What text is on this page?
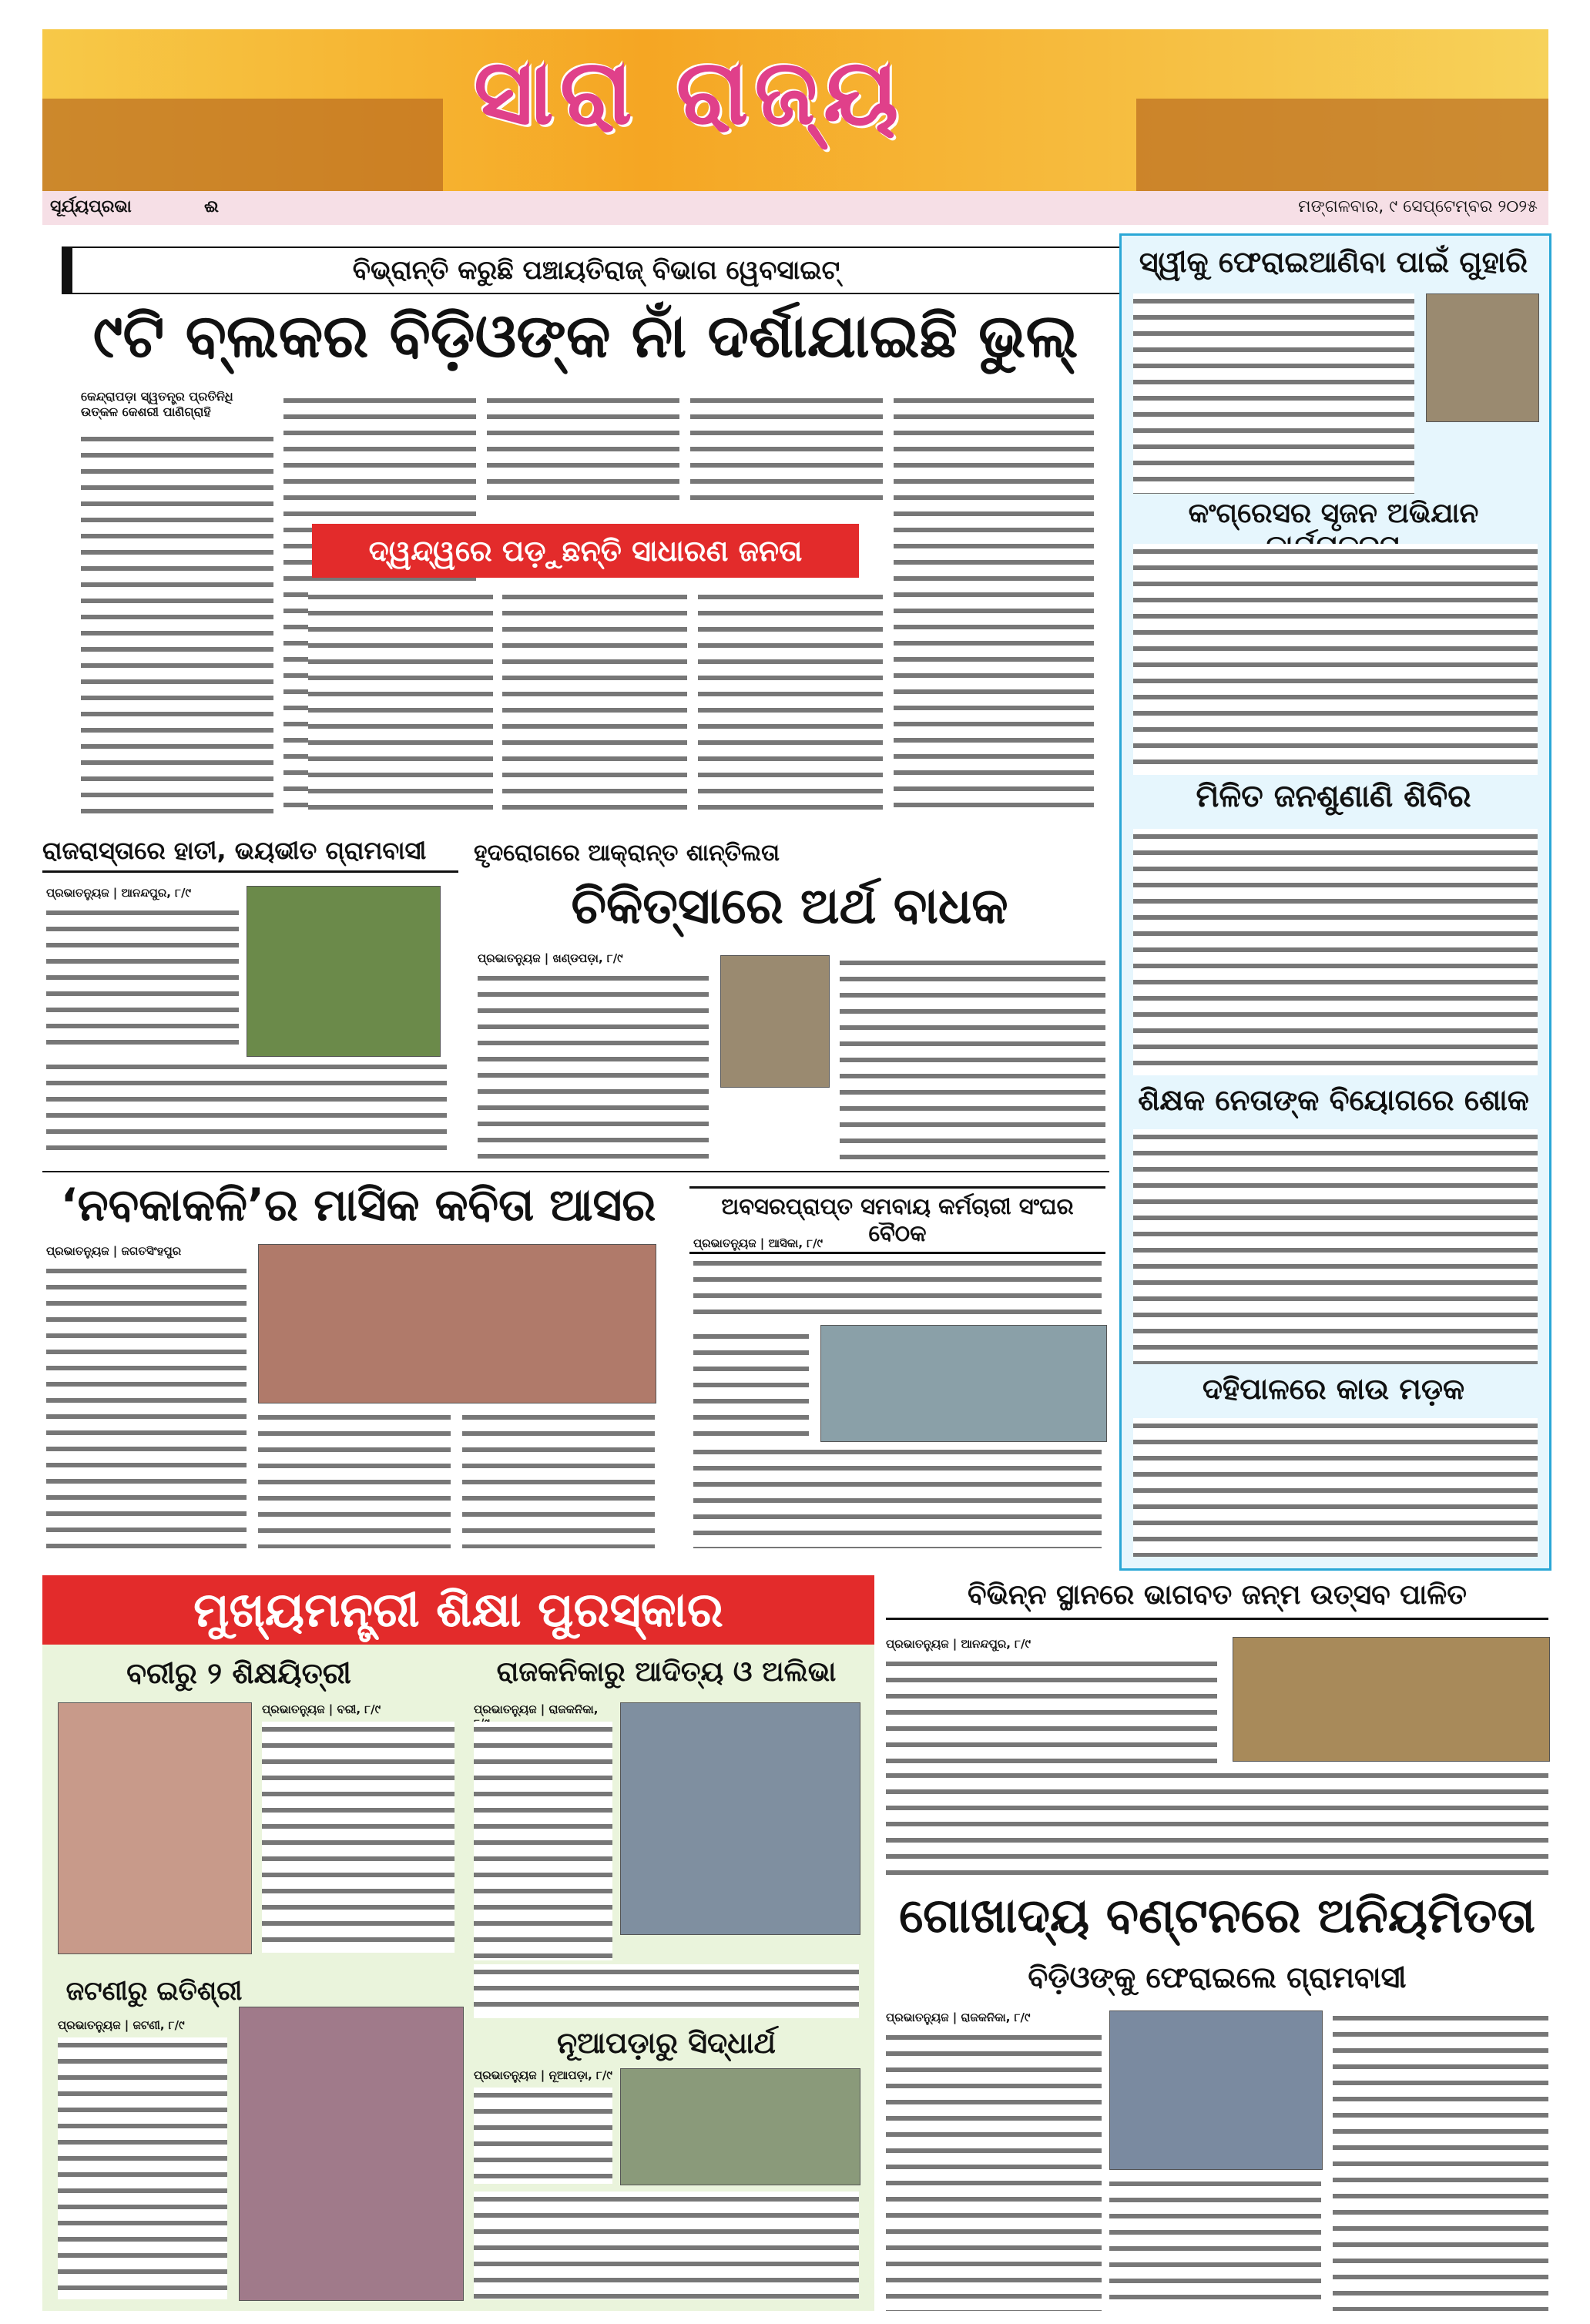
ସାରା ରାଜ୍ୟ
ସୂର୍ଯ୍ୟପ୍ରଭା	ଈ	ମଙ୍ଗଳବାର, ୯ ସେପ୍ଟେମ୍ବର ୨୦୨୫
ବିଭ୍ରାନ୍ତି କରୁଛି ପଞ୍ଚାୟତିରାଜ୍ ବିଭାଗ ୱେବସାଇଟ୍
୯ଟି ବ୍ଲକର ବିଡ଼ିଓଙ୍କ ନାଁ ଦର୍ଶାଯାଇଛି ଭୁଲ୍
କେନ୍ଦ୍ରାପଡ଼ା ସ୍ୱତନ୍ତ୍ର ପ୍ରତିନିଧି
ଉତ୍କଳ କେଶରୀ ପାଣିଗ୍ରାହି
ଦ୍ୱନ୍ଦ୍ୱରେ ପଡ଼ୁଛନ୍ତି ସାଧାରଣ ଜନତା
ସ୍ୱୀକୁ ଫେରାଇଆଣିବା ପାଇଁ ଗୁହାରି
କଂଗ୍ରେସର ସୃଜନ ଅଭିଯାନ
ମିଳିତ ଜନଶୁଣାଣି ଶିବିର
ଶିକ୍ଷକ ନେତାଙ୍କ ବିୟୋଗରେ ଶୋକ
ଦହିପାଳରେ କାଉ ମଡ଼କ
ରାଜରାସ୍ତାରେ ହାତୀ, ଭୟଭୀତ ଗ୍ରାମବାସୀ
ପ୍ରଭାତନ୍ୟୁଜ | ଆନନ୍ଦପୁର, ୮/୯
ହୃଦରୋଗରେ ଆକ୍ରାନ୍ତ ଶାନ୍ତିଲତା
ଚିକିତ୍ସାରେ ଅର୍ଥ ବାଧକ
ପ୍ରଭାତନ୍ୟୁଜ | ଖଣ୍ଡପଡ଼ା, ୮/୯
‘ନବକାକଳି’ର ମାସିକ କବିତା ଆସର
ପ୍ରଭାତନ୍ୟୁଜ | ଜଗତସିଂହପୁର
ଅବସରପ୍ରାପ୍ତ ସମବାୟ କର୍ମଚାରୀ ସଂଘର ବୈଠକ
ପ୍ରଭାତନ୍ୟୁଜ | ଆସିକା, ୮/୯
ମୁଖ୍ୟମନ୍ତ୍ରୀ ଶିକ୍ଷା ପୁରସ୍କାର
ବରୀରୁ ୨ ଶିକ୍ଷୟିତ୍ରୀ	ରାଜକନିକାରୁ ଆଦିତ୍ୟ ଓ ଅଲିଭା
ପ୍ରଭାତନ୍ୟୁଜ | ବରୀ, ୮/୯	ପ୍ରଭାତନ୍ୟୁଜ | ରାଜକନିକା,
ଜଟଣୀରୁ ଇତିଶ୍ରୀ
ପ୍ରଭାତନ୍ୟୁଜ | ଜଟଣୀ, ୮/୯
ନୂଆପଡ଼ାରୁ ସିଦ୍ଧାର୍ଥ
ପ୍ରଭାତନ୍ୟୁଜ | ନୂଆପଡ଼ା, ୮/୯
ବିଭିନ୍ନ ସ୍ଥାନରେ ଭାଗବତ ଜନ୍ମ ଉତ୍ସବ ପାଳିତ
ପ୍ରଭାତନ୍ୟୁଜ | ଆନନ୍ଦପୁର, ୮/୯
ଗୋଖାଦ୍ୟ ବଣ୍ଟନରେ ଅନିୟମିତତା
ବିଡ଼ିଓଙ୍କୁ ଫେରାଇଲେ ଗ୍ରାମବାସୀ
ପ୍ରଭାତନ୍ୟୁଜ | ରାଜକନିକା, ୮/୯
